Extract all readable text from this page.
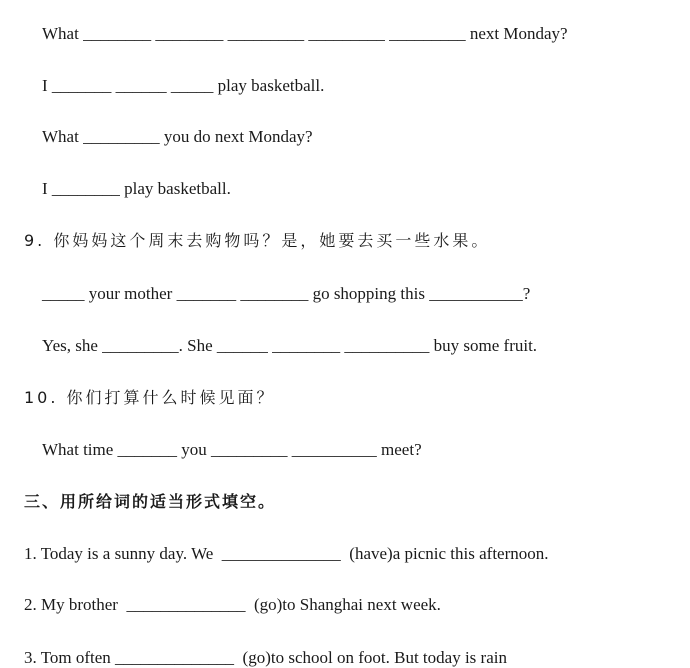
What ________ ________ _________ _________ _________ next Monday?
I _______ ______ _____ play basketball.
What _________ you do next Monday?
I ________ play basketball.
9. 你妈妈这个周末去购物吗？是，她要去买一些水果。
_____ your mother _______ ________ go shopping this ___________?
Yes, she _________. She ______ ________ __________ buy some fruit.
10. 你们打算什么时候见面？
What time _______ you _________ __________ meet?
三、用所给词的适当形式填空。
1. Today is a sunny day. We  ______________  (have)a picnic this afternoon.
2. My brother  ______________  (go)to Shanghai next week.
3. Tom often ______________  (go)to school on foot. But today is rain
